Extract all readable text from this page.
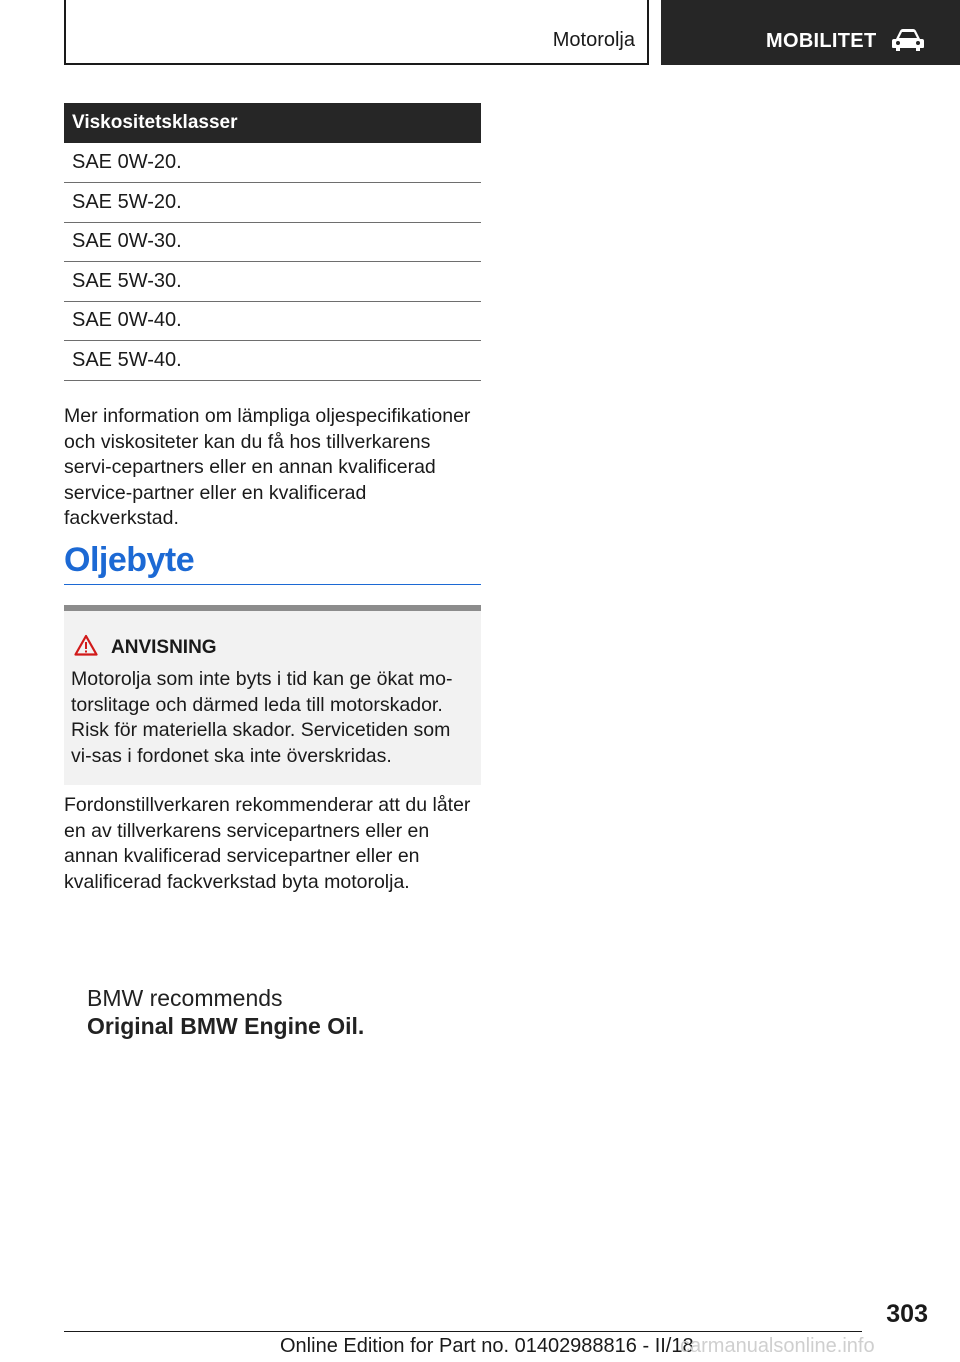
Motorolja	MOBILITET
Viskositetsklasser
SAE 0W-20.
SAE 5W-20.
SAE 0W-30.
SAE 5W-30.
SAE 0W-40.
SAE 5W-40.

Mer information om lämpliga oljespecifikationer och viskositeter kan du få hos tillverkarens servi-cepartners eller en annan kvalificerad service-partner eller en kvalificerad fackverkstad.

Oljebyte
ANVISNING

Motorolja som inte byts i tid kan ge ökat mo-torslitage och därmed leda till motorskador. Risk för materiella skador. Servicetiden som vi-sas i fordonet ska inte överskridas.

Fordonstillverkaren rekommenderar att du låter en av tillverkarens servicepartners eller en annan kvalificerad servicepartner eller en kvalificerad fackverkstad byta motorolja.

BMW recommends
Original BMW Engine Oil.
303
Online Edition for Part no. 01402988816 - II/18
carmanualsonline.info
